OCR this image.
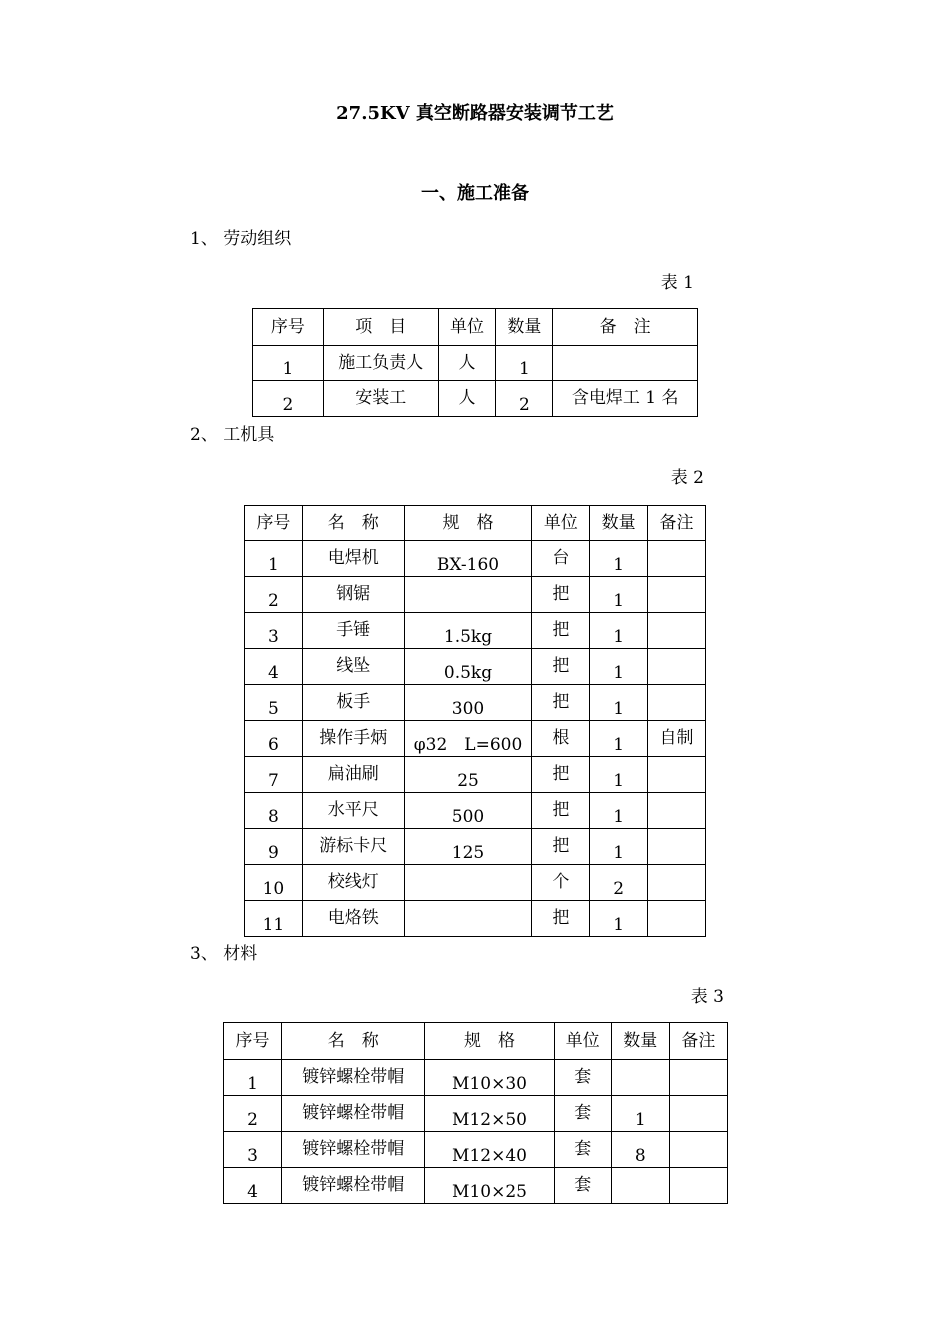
27.5KV 真空断路器安装调节工艺
一、施工准备
1、 劳动组织
表 1
序号	项　目	单位	数量	备　注
1	施工负责人	人	1	
2	安装工	人	2	含电焊工 1 名
2、 工机具
表 2
序号	名　称	规　格	单位	数量	备注
1	电焊机	BX-160	台	1	
2	钢锯		把	1	
3	手锤	1.5kg	把	1	
4	线坠	0.5kg	把	1	
5	板手	300	把	1	
6	操作手炳	φ32　L=600	根	1	自制
7	扁油刷	25	把	1	
8	水平尺	500	把	1	
9	游标卡尺	125	把	1	
10	校线灯		个	2	
11	电烙铁		把	1	
3、 材料
表 3
序号	名　称	规　格	单位	数量	备注
1	镀锌螺栓带帽	M10×30	套		
2	镀锌螺栓带帽	M12×50	套	1	
3	镀锌螺栓带帽	M12×40	套	8	
4	镀锌螺栓带帽	M10×25	套		
